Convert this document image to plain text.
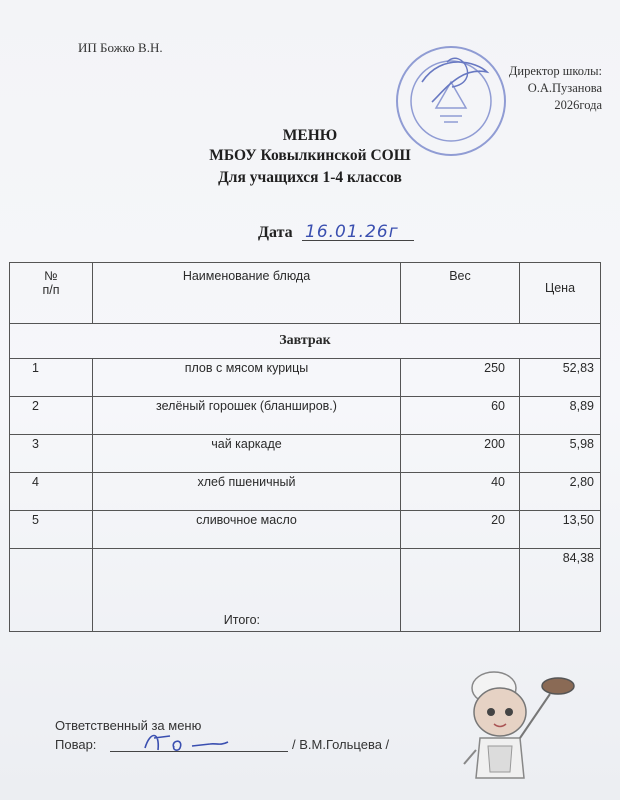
ИП Божко В.Н.
Директор школы:
О.А.Пузанова
2026года
МЕНЮ
МБОУ Ковылкинской СОШ
Для учащихся 1-4 классов
Дата 16.01.26г
№
п/п	Наименование блюда	Вес	Цена
Завтрак			
1	плов с мясом курицы	250	52,83
2	зелёный горошек (бланширов.)	60	8,89
3	чай каркаде	200	5,98
4	хлеб пшеничный	40	2,80
5	сливочное масло	20	13,50
	Итого:		84,38
Ответственный за меню
Повар:	/ В.М.Гольцева /
